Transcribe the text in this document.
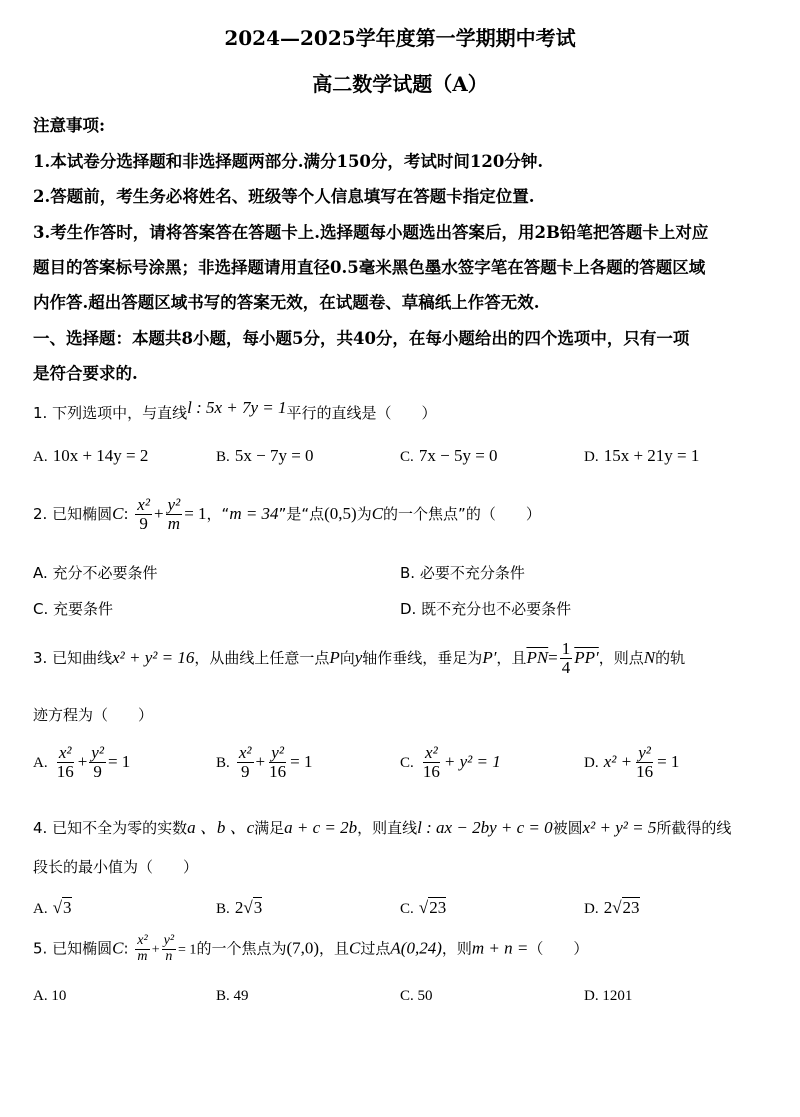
2024—2025学年度第一学期期中考试
高二数学试题（A）
注意事项:
1.本试卷分选择题和非选择题两部分.满分150分，考试时间120分钟.
2.答题前，考生务必将姓名、班级等个人信息填写在答题卡指定位置.
3.考生作答时，请将答案答在答题卡上.选择题每小题选出答案后，用2B铅笔把答题卡上对应
题目的答案标号涂黑；非选择题请用直径0.5毫米黑色墨水签字笔在答题卡上各题的答题区域
内作答.超出答题区域书写的答案无效，在试题卷、草稿纸上作答无效.
一、选择题：本题共8小题，每小题5分，共40分，在每小题给出的四个选项中，只有一项
是符合要求的.
1. 下列选项中，与直线l : 5x + 7y = 1平行的直线是（　　）
A. 10x + 14y = 2	B. 5x − 7y = 0	C. 7x − 5y = 0	D. 15x + 21y = 1
2. 已知椭圆C: $\frac{\text{x²}}{9} + \frac{\text{y²}}{m} = 1$，“m = 34”是“点(0,5)为C的一个焦点”的（　　）
A. 充分不必要条件	B. 必要不充分条件
C. 充要条件	D. 既不充分也不必要条件
3. 已知曲线x² + y² = 16，从曲线上任意一点P向y轴作垂线，垂足为P′，且$\overline{PN}= \frac{1}{4} PP'$，则点N的轨
迹方程为（　　）
A. $\frac{\text{x²}}{16} + \frac{\text{y²}}{9} = 1$	B. $\frac{\text{x²}}{9} + \frac{\text{y²}}{16} = 1$	C. $\frac{\text{x²}}{16} + y^2 = 1$	D. $x^2 + \frac{\text{y²}}{16} = 1$
4. 已知不全为零的实数a 、b 、c满足a + c = 2b，则直线l : ax − 2by + c = 0被圆x² + y² = 5所截得的线
段长的最小值为（　　）
A. √3	B. 2√3	C. √23	D. 2√23
5. 已知椭圆C: $\frac{\text{x²}}{m} + \frac{\text{y²}}{n} = 1$的一个焦点为(7,0)，且C过点A(0,24)，则m + n =（　　）
A. 10	B. 49	C. 50	D. 1201
